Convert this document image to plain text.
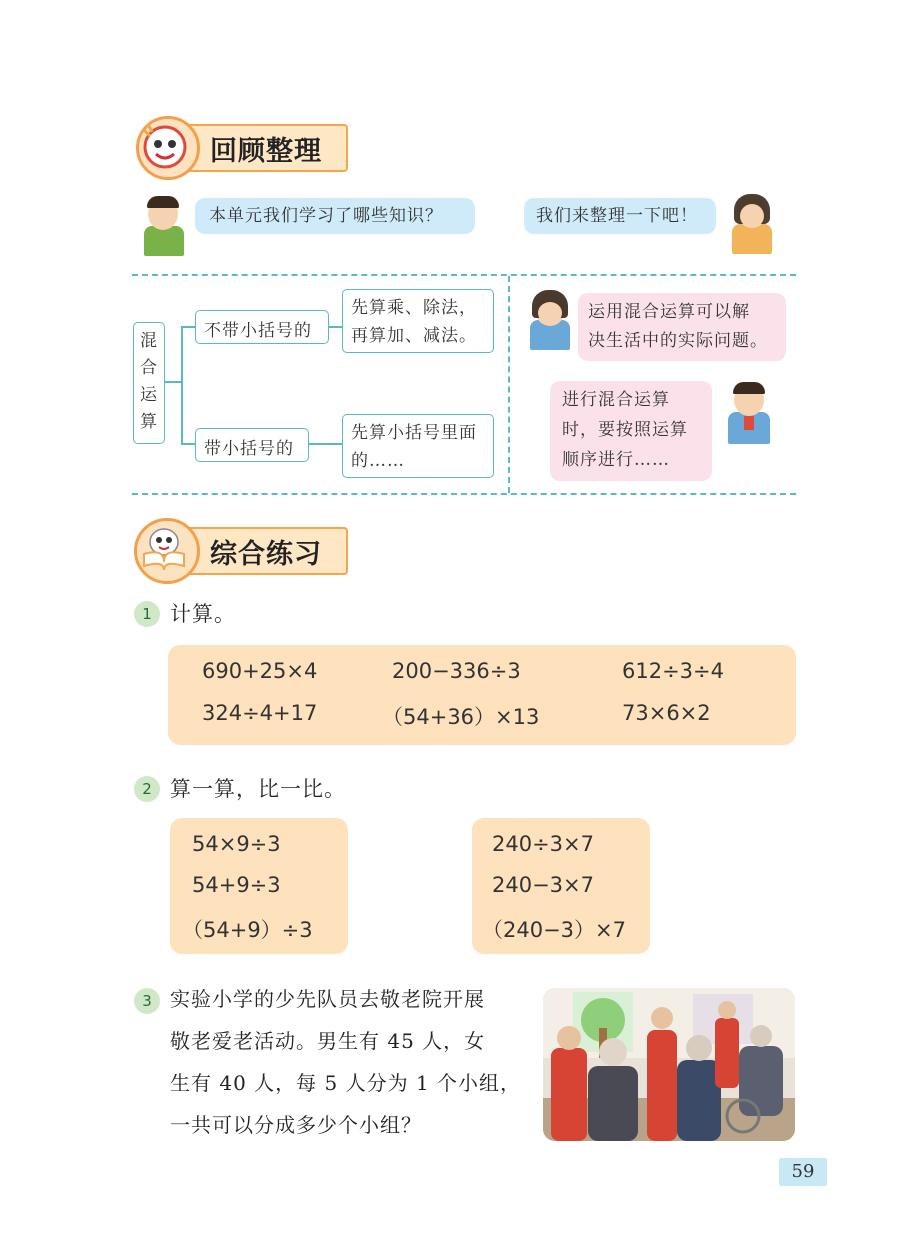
回顾整理
本单元我们学习了哪些知识？	我们来整理一下吧！
混
合
运
算
不带小括号的
先算乘、除法，
再算加、减法。
带小括号的
先算小括号里面
的……
运用混合运算可以解
决生活中的实际问题。
进行混合运算
时，要按照运算
顺序进行……
综合练习
1 计算。
690+25×4	200−336÷3	612÷3÷4
324÷4+17	（54+36）×13	73×6×2
2 算一算，比一比。
54×9÷3
54+9÷3
（54+9）÷3
240÷3×7
240−3×7
（240−3）×7
3 实验小学的少先队员去敬老院开展
敬老爱老活动。男生有 45 人，女
生有 40 人，每 5 人分为 1 个小组，
一共可以分成多少个小组？
59
